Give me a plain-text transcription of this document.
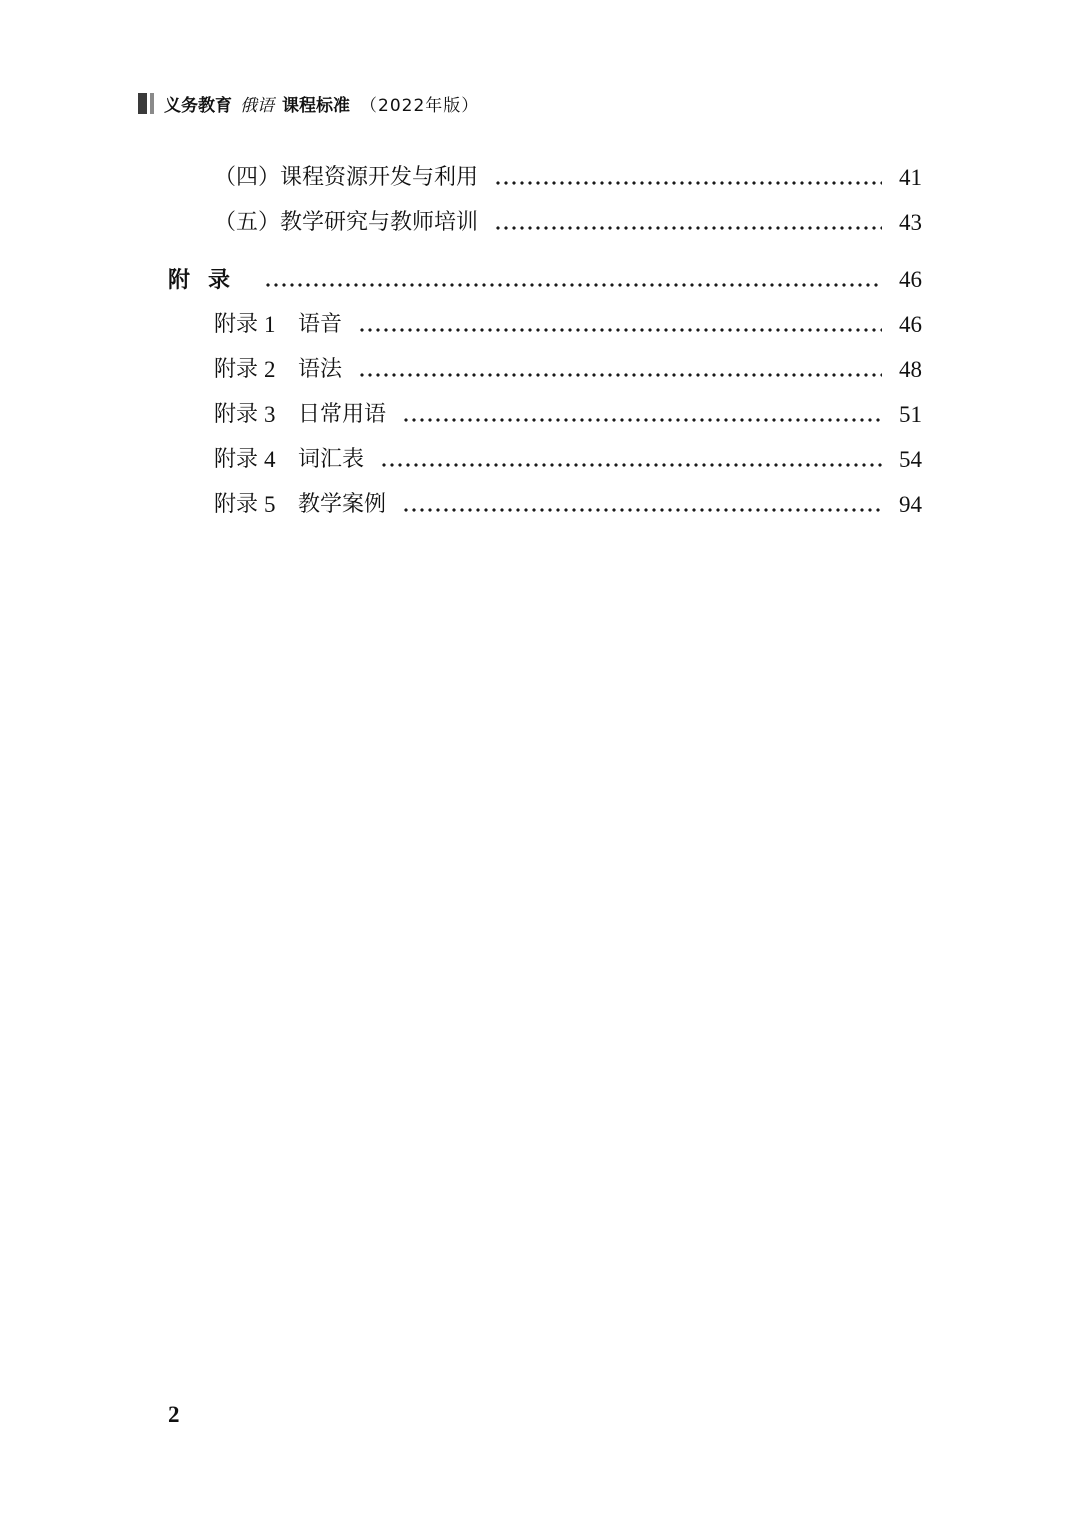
义务教育 俄语 课程标准 （2022年版）
（四）课程资源开发与利用	41
（五）教学研究与教师培训	43
附录	46
附录 1	语音	46
附录 2	语法	48
附录 3	日常用语	51
附录 4	词汇表	54
附录 5	教学案例	94
2
